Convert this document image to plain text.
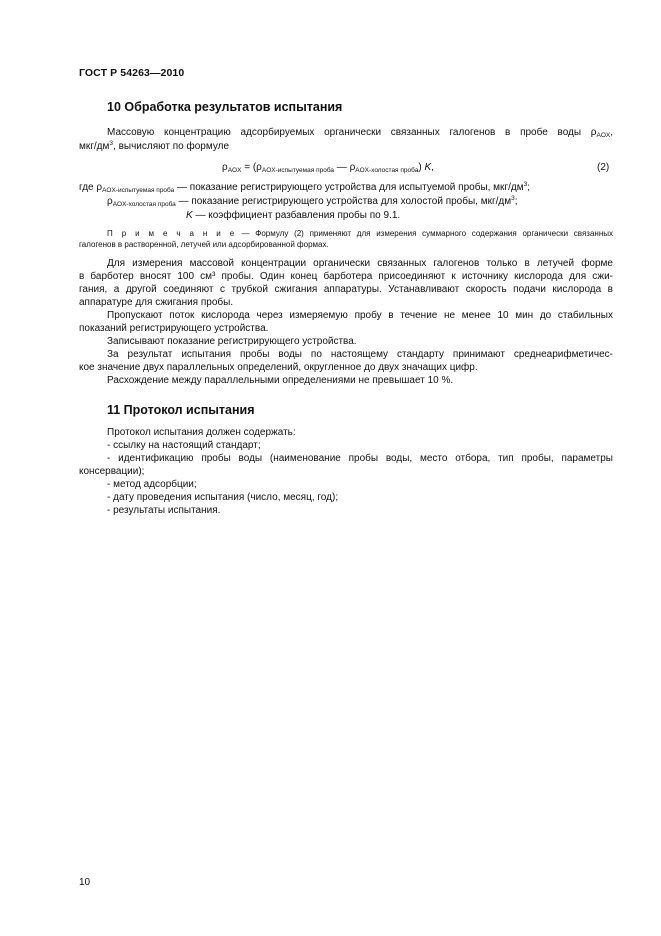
ГОСТ Р 54263—2010
10 Обработка результатов испытания
Массовую концентрацию адсорбируемых органически связанных галогенов в пробе воды $\rho_{AOX}$,
мкг/$дм^3$, вычисляют по формуле
$\rho_{AOX} = (\rho_{AOX-испытуемая проба}$ — $\rho_{AOX-холостая проба}$) K,	(2)
где $\rho_{AOX-испытуемая проба}$ — показание регистрирующего устройства для испытуемой пробы, мкг/$дм^3$;
$\rho_{AOX-холостая проба}$ — показание регистрирующего устройства для холостой пробы, мкг/$дм^3$;
K — коэффициент разбавления пробы по 9.1.
П р и м е ч а н и е — Формулу (2) применяют для измерения суммарного содержания органически связанных
галогенов в растворенной, летучей или адсорбированной формах.
Для измерения массовой концентрации органически связанных галогенов только в летучей форме
в барботер вносят 100 см³ пробы. Один конец барботера присоединяют к источнику кислорода для сжи-
гания, а другой соединяют с трубкой сжигания аппаратуры. Устанавливают скорость подачи кислорода в
аппаратуре для сжигания пробы.
Пропускают поток кислорода через измеряемую пробу в течение не менее 10 мин до стабильных
показаний регистрирующего устройства.
Записывают показание регистрирующего устройства.
За результат испытания пробы воды по настоящему стандарту принимают среднеарифметичес-
кое значение двух параллельных определений, округленное до двух значащих цифр.
Расхождение между параллельными определениями не превышает 10 %.
11 Протокол испытания
Протокол испытания должен содержать:
- ссылку на настоящий стандарт;
- идентификацию пробы воды (наименование пробы воды, место отбора, тип пробы, параметры
консервации);
- метод адсорбции;
- дату проведения испытания (число, месяц, год);
- результаты испытания.
10
